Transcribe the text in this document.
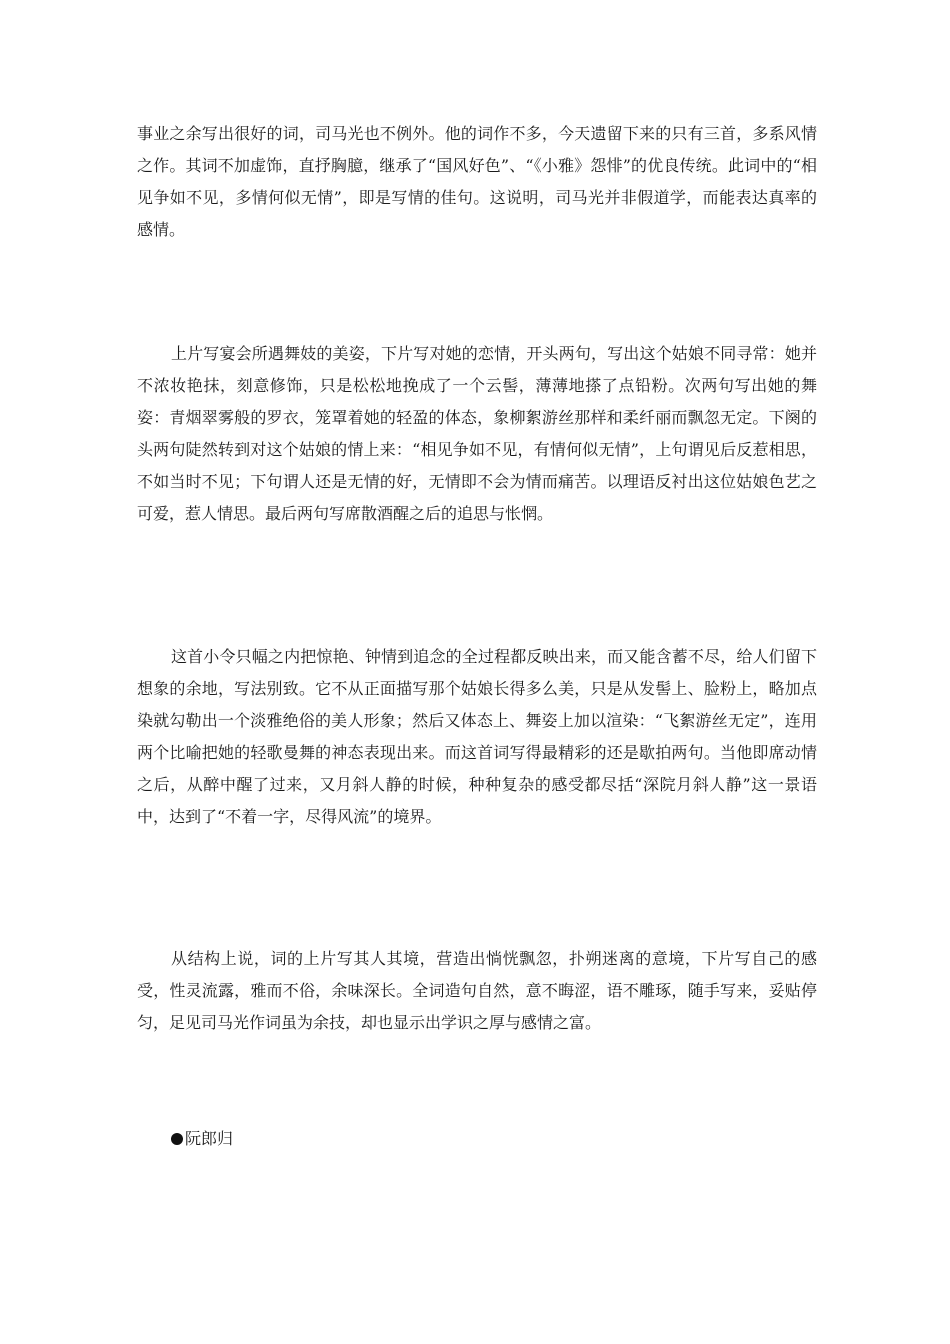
事业之余写出很好的词，司马光也不例外。他的词作不多，今天遗留下来的只有三首，多系风情之作。其词不加虚饰，直抒胸臆，继承了“国风好色”、“《小雅》怨悱”的优良传统。此词中的“相见争如不见，多情何似无情”，即是写情的佳句。这说明，司马光并非假道学，而能表达真率的感情。

上片写宴会所遇舞妓的美姿，下片写对她的恋情，开头两句，写出这个姑娘不同寻常：她并不浓妆艳抹，刻意修饰，只是松松地挽成了一个云髻，薄薄地搽了点铅粉。次两句写出她的舞姿：青烟翠雾般的罗衣，笼罩着她的轻盈的体态，象柳絮游丝那样和柔纤丽而飘忽无定。下阕的头两句陡然转到对这个姑娘的情上来：“相见争如不见，有情何似无情”，上句谓见后反惹相思，不如当时不见；下句谓人还是无情的好，无情即不会为情而痛苦。以理语反衬出这位姑娘色艺之可爱，惹人情思。最后两句写席散酒醒之后的追思与怅惘。

这首小令只幅之内把惊艳、钟情到追念的全过程都反映出来，而又能含蓄不尽，给人们留下想象的余地，写法别致。它不从正面描写那个姑娘长得多么美，只是从发髻上、脸粉上，略加点染就勾勒出一个淡雅绝俗的美人形象；然后又体态上、舞姿上加以渲染：“飞絮游丝无定”，连用两个比喻把她的轻歌曼舞的神态表现出来。而这首词写得最精彩的还是歇拍两句。当他即席动情之后，从醉中醒了过来，又月斜人静的时候，种种复杂的感受都尽括“深院月斜人静”这一景语中，达到了“不着一字，尽得风流”的境界。

从结构上说，词的上片写其人其境，营造出惝恍飘忽，扑朔迷离的意境，下片写自己的感受，性灵流露，雅而不俗，余味深长。全词造句自然，意不晦涩，语不雕琢，随手写来，妥贴停匀，足见司马光作词虽为余技，却也显示出学识之厚与感情之富。

阮郎归
